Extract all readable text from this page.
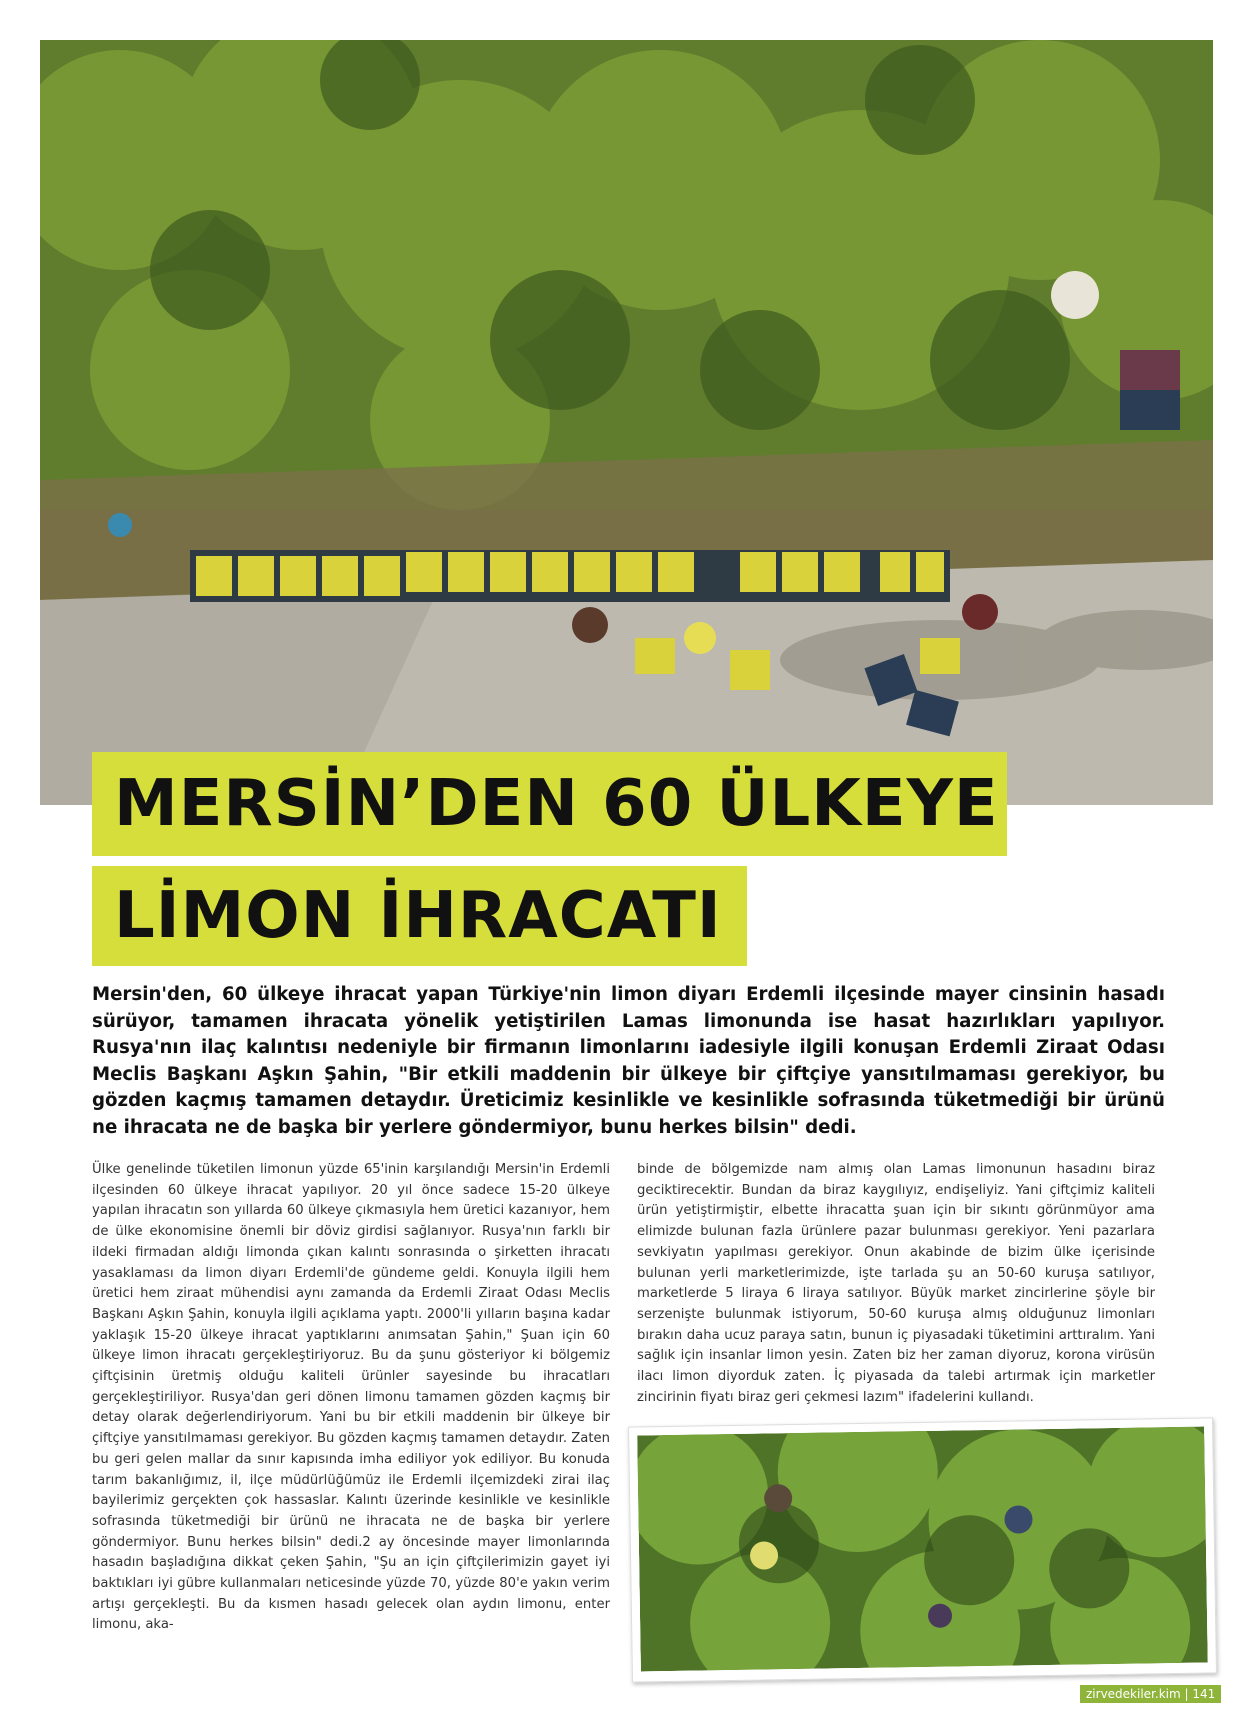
MERSİN’DEN 60 ÜLKEYE
LİMON İHRACATI

Mersin'den, 60 ülkeye ihracat yapan Türkiye'nin limon diyarı Erdemli ilçesinde mayer cinsinin hasadı sürüyor, tamamen ihracata yönelik yetiştirilen Lamas limonunda ise hasat hazırlıkları yapılıyor. Rusya'nın ilaç kalıntısı nedeniyle bir firmanın limonlarını iadesiyle ilgili konuşan Erdemli Ziraat Odası Meclis Başkanı Aşkın Şahin, "Bir etkili maddenin bir ülkeye bir çiftçiye yansıtılmaması gerekiyor, bu gözden kaçmış tamamen detaydır. Üreticimiz kesinlikle ve kesinlikle sofrasında tüketmediği bir ürünü ne ihracata ne de başka bir yerlere göndermiyor, bunu herkes bilsin" dedi.

Ülke genelinde tüketilen limonun yüzde 65'inin karşılandığı Mersin'in Erdemli ilçesinden 60 ülkeye ihracat yapılıyor. 20 yıl önce sadece 15-20 ülkeye yapılan ihracatın son yıllarda 60 ülkeye çıkmasıyla hem üretici kazanıyor, hem de ülke ekonomisine önemli bir döviz girdisi sağlanıyor. Rusya'nın farklı bir ildeki firmadan aldığı limonda çıkan kalıntı sonrasında o şirketten ihracatı yasaklaması da limon diyarı Erdemli'de gündeme geldi. Konuyla ilgili hem üretici hem ziraat mühendisi aynı zamanda da Erdemli Ziraat Odası Meclis Başkanı Aşkın Şahin, konuyla ilgili açıklama yaptı. 2000'li yılların başına kadar yaklaşık 15-20 ülkeye ihracat yaptıklarını anımsatan Şahin," Şuan için 60 ülkeye limon ihracatı gerçekleştiriyoruz. Bu da şunu gösteriyor ki bölgemiz çiftçisinin üretmiş olduğu kaliteli ürünler sayesinde bu ihracatları gerçekleştiriliyor. Rusya'dan geri dönen limonu tamamen gözden kaçmış bir detay olarak değerlendiriyorum. Yani bu bir etkili maddenin bir ülkeye bir çiftçiye yansıtılmaması gerekiyor. Bu gözden kaçmış tamamen detaydır. Zaten bu geri gelen mallar da sınır kapısında imha ediliyor yok ediliyor. Bu konuda tarım bakanlığımız, il, ilçe müdürlüğümüz ile Erdemli ilçemizdeki zirai ilaç bayilerimiz gerçekten çok hassaslar. Kalıntı üzerinde kesinlikle ve kesinlikle sofrasında tüketmediği bir ürünü ne ihracata ne de başka bir yerlere göndermiyor. Bunu herkes bilsin" dedi.2 ay öncesinde mayer limonlarında hasadın başladığına dikkat çeken Şahin, "Şu an için çiftçilerimizin gayet iyi baktıkları iyi gübre kullanmaları neticesinde yüzde 70, yüzde 80'e yakın verim artışı gerçekleşti. Bu da kısmen hasadı gelecek olan aydın limonu, enter limonu, aka-

binde de bölgemizde nam almış olan Lamas limonunun hasadını biraz geciktirecektir. Bundan da biraz kaygılıyız, endişeliyiz. Yani çiftçimiz kaliteli ürün yetiştirmiştir, elbette ihracatta şuan için bir sıkıntı görünmüyor ama elimizde bulunan fazla ürünlere pazar bulunması gerekiyor. Yeni pazarlara sevkiyatın yapılması gerekiyor. Onun akabinde de bizim ülke içerisinde bulunan yerli marketlerimizde, işte tarlada şu an 50-60 kuruşa satılıyor, marketlerde 5 liraya 6 liraya satılıyor. Büyük market zincirlerine şöyle bir serzenişte bulunmak istiyorum, 50-60 kuruşa almış olduğunuz limonları bırakın daha ucuz paraya satın, bunun iç piyasadaki tüketimini arttıralım. Yani sağlık için insanlar limon yesin. Zaten biz her zaman diyoruz, korona virüsün ilacı limon diyorduk zaten. İç piyasada da talebi artırmak için marketler zincirinin fiyatı biraz geri çekmesi lazım" ifadelerini kullandı.

zirvedekiler.kim | 141
